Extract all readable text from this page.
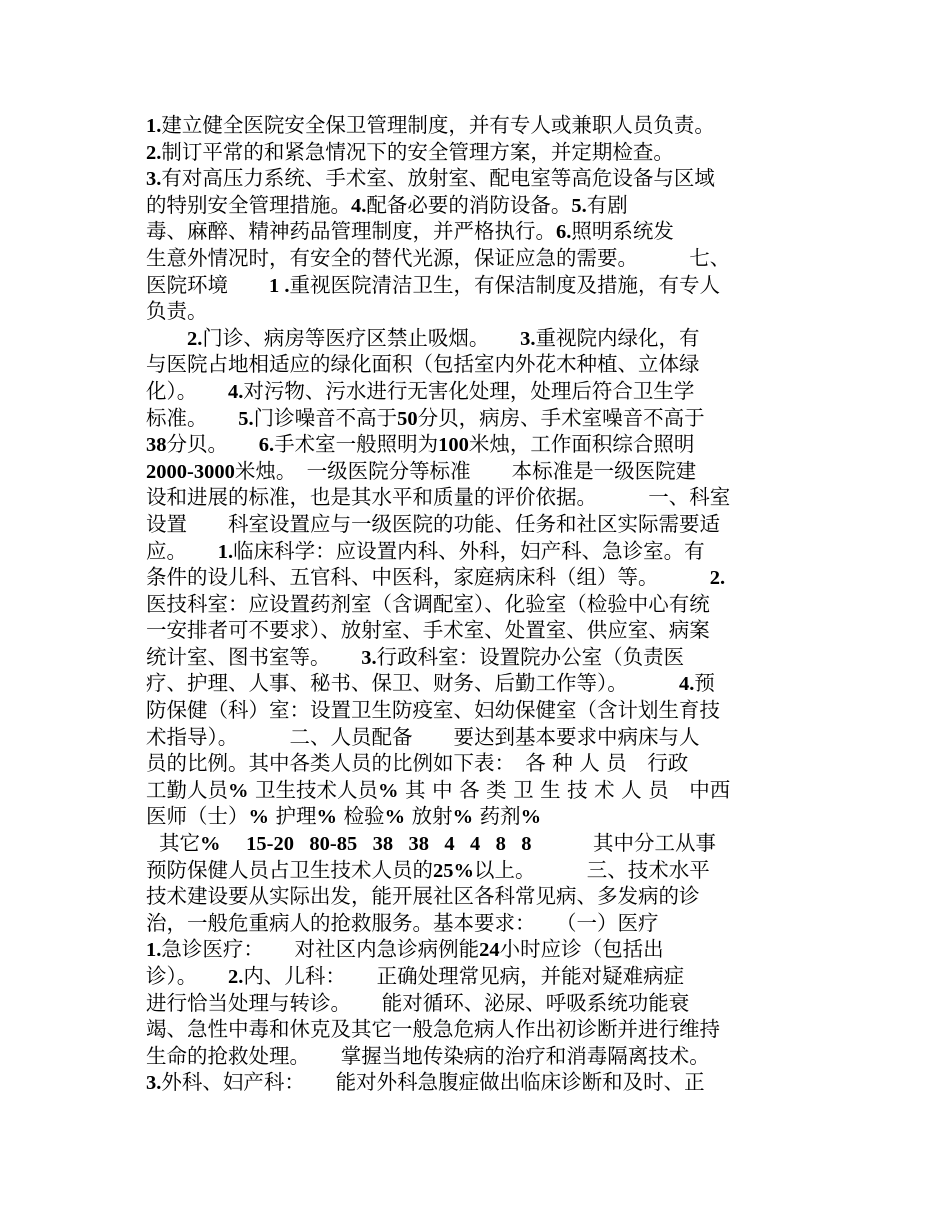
1.建立健全医院安全保卫管理制度，并有专人或兼职人员负责。
2.制订平常的和紧急情况下的安全管理方案，并定期检查。
3.有对高压力系统、手术室、放射室、配电室等高危设备与区域
的特别安全管理措施。4.配备必要的消防设备。5.有剧
毒、麻醉、精神药品管理制度，并严格执行。6.照明系统发
生意外情况时，有安全的替代光源，保证应急的需要。　　　七、
医院环境　　1 .重视医院清洁卫生，有保洁制度及措施，有专人
负责。
　　2.门诊、病房等医疗区禁止吸烟。　　3.重视院内绿化，有
与医院占地相适应的绿化面积（包括室内外花木种植、立体绿
化）。　　4.对污物、污水进行无害化处理，处理后符合卫生学
标准。　　5.门诊噪音不高于50分贝，病房、手术室噪音不高于
38分贝。　　6.手术室一般照明为100米烛，工作面积综合照明
2000-3000米烛。　一级医院分等标准　　本标准是一级医院建
设和进展的标准，也是其水平和质量的评价依据。　　　一、科室
设置　　科室设置应与一级医院的功能、任务和社区实际需要适
应。　　1.临床科学：应设置内科、外科，妇产科、急诊室。有
条件的设儿科、五官科、中医科，家庭病床科（组）等。　　　2.
医技科室：应设置药剂室（含调配室）、化验室（检验中心有统
一安排者可不要求）、放射室、手术室、处置室、供应室、病案
统计室、图书室等。　　3.行政科室：设置院办公室（负责医
疗、护理、人事、秘书、保卫、财务、后勤工作等）。　　　4.预
防保健（科）室：设置卫生防疫室、妇幼保健室（含计划生育技
术指导）。　　　二、人员配备　　要达到基本要求中病床与人
员的比例。其中各类人员的比例如下表：　各 种 人 员　行政
工勤人员% 卫生技术人员% 其 中 各 类 卫 生 技 术 人 员　中西
医师（士）% 护理% 检验% 放射% 药剂%
其它%     15-20   80-85   38   38   4   4   8   8　　　其中分工从事
预防保健人员占卫生技术人员的25%以上。　　　三、技术水平
技术建设要从实际出发，能开展社区各科常见病、多发病的诊
治，一般危重病人的抢救服务。基本要求：　　（一）医疗
1.急诊医疗：　　对社区内急诊病例能24小时应诊（包括出
诊）。　　2.内、儿科：　　正确处理常见病，并能对疑难病症
进行恰当处理与转诊。　　能对循环、泌尿、呼吸系统功能衰
竭、急性中毒和休克及其它一般急危病人作出初诊断并进行维持
生命的抢救处理。　　掌握当地传染病的治疗和消毒隔离技术。
3.外科、妇产科：　　能对外科急腹症做出临床诊断和及时、正
